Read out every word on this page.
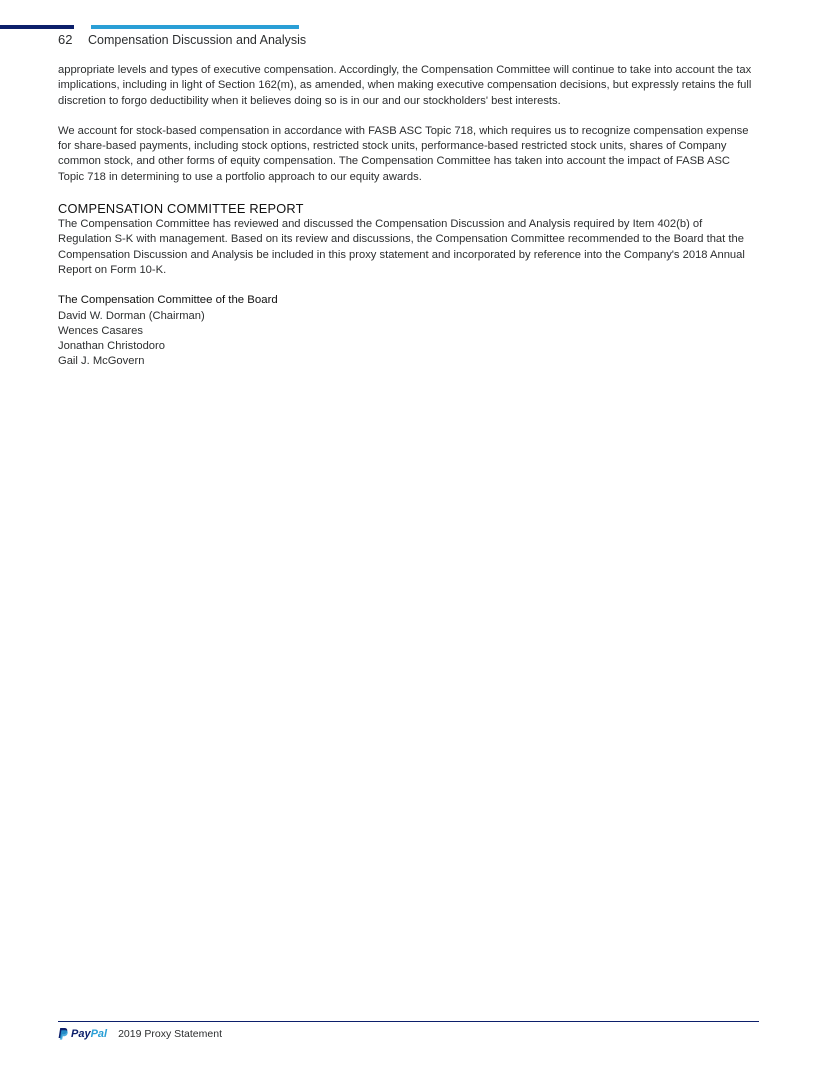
62 Compensation Discussion and Analysis

appropriate levels and types of executive compensation. Accordingly, the Compensation Committee will continue to take into account the tax implications, including in light of Section 162(m), as amended, when making executive compensation decisions, but expressly retains the full discretion to forgo deductibility when it believes doing so is in our and our stockholders' best interests.

We account for stock-based compensation in accordance with FASB ASC Topic 718, which requires us to recognize compensation expense for share-based payments, including stock options, restricted stock units, performance-based restricted stock units, shares of Company common stock, and other forms of equity compensation. The Compensation Committee has taken into account the impact of FASB ASC Topic 718 in determining to use a portfolio approach to our equity awards.

COMPENSATION COMMITTEE REPORT

The Compensation Committee has reviewed and discussed the Compensation Discussion and Analysis required by Item 402(b) of Regulation S-K with management. Based on its review and discussions, the Compensation Committee recommended to the Board that the Compensation Discussion and Analysis be included in this proxy statement and incorporated by reference into the Company's 2018 Annual Report on Form 10-K.

The Compensation Committee of the Board
David W. Dorman (Chairman)
Wences Casares
Jonathan Christodoro
Gail J. McGovern
Pay Pal 2019 Proxy Statement
